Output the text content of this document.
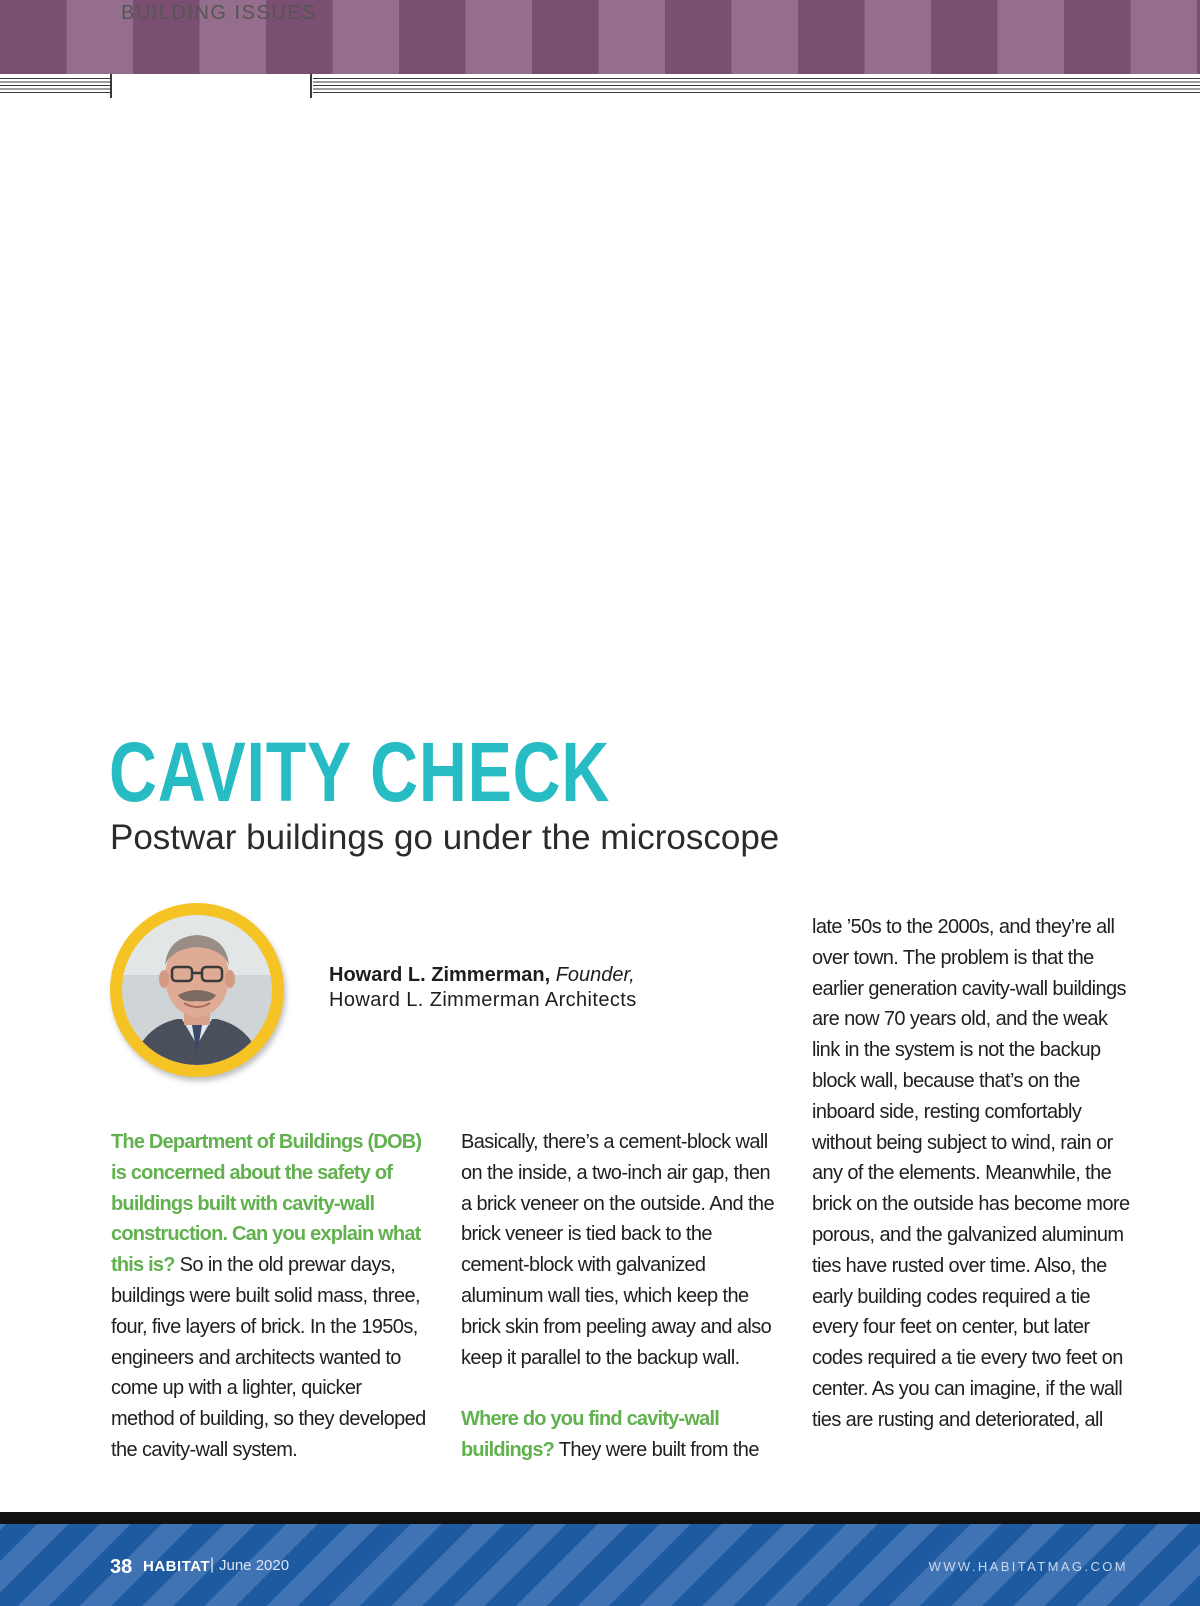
BUILDING ISSUES
CAVITY CHECK
Postwar buildings go under the microscope
Howard L. Zimmerman, Founder,
Howard L. Zimmerman Architects

The Department of Buildings (DOB) is concerned about the safety of buildings built with cavity-wall construction. Can you explain what this is? So in the old prewar days, buildings were built solid mass, three, four, five layers of brick. In the 1950s, engineers and architects wanted to come up with a lighter, quicker method of building, so they developed the cavity-wall system.

Basically, there’s a cement-block wall on the inside, a two-inch air gap, then a brick veneer on the outside. And the brick veneer is tied back to the cement-block with galvanized aluminum wall ties, which keep the brick skin from peeling away and also keep it parallel to the backup wall.

Where do you find cavity-wall buildings? They were built from the

late ’50s to the 2000s, and they’re all over town. The problem is that the earlier generation cavity-wall buildings are now 70 years old, and the weak link in the system is not the backup block wall, because that’s on the inboard side, resting comfortably without being subject to wind, rain or any of the elements. Meanwhile, the brick on the outside has become more porous, and the galvanized aluminum ties have rusted over time. Also, the early building codes required a tie every four feet on center, but later codes required a tie every two feet on center. As you can imagine, if the wall ties are rusting and deteriorated, all

38 HABITAT | June 2020	WWW.HABITATMAG.COM
